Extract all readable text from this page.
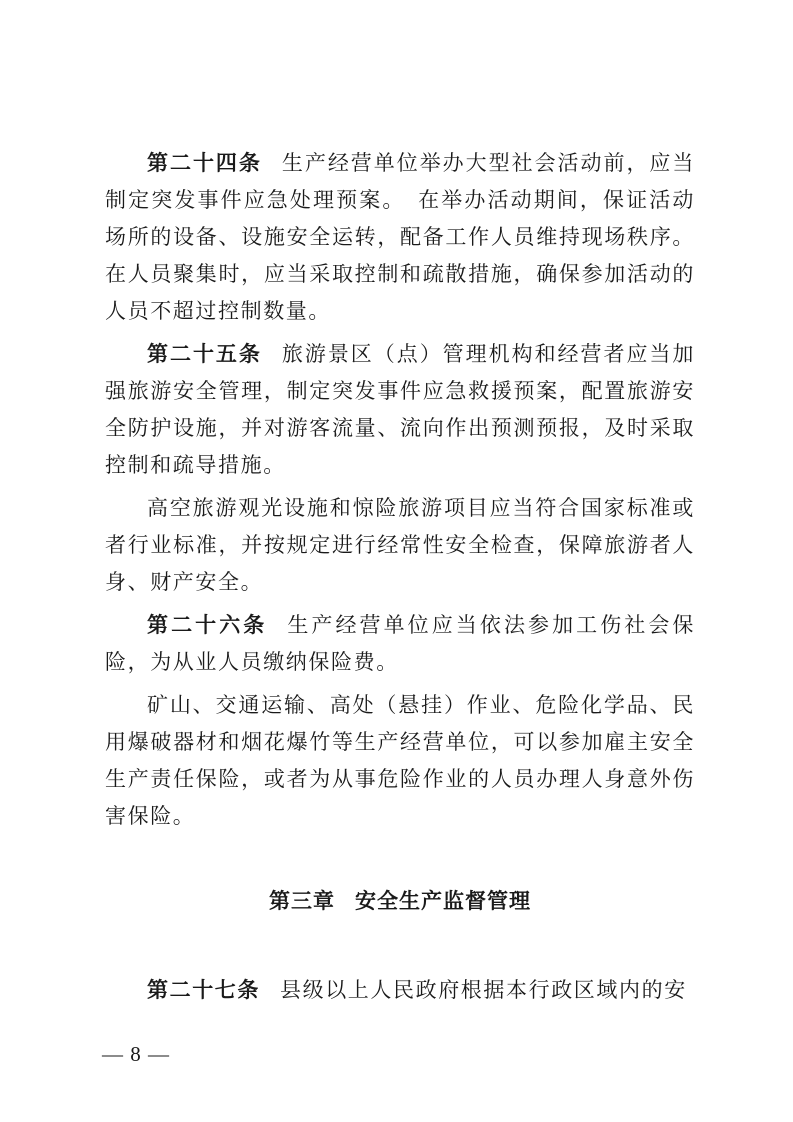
第二十四条 生产经营单位举办大型社会活动前，应当制定突发事件应急处理预案。　在举办活动期间，保证活动场所的设备、设施安全运转，配备工作人员维持现场秩序。在人员聚集时，应当采取控制和疏散措施，确保参加活动的人员不超过控制数量。

第二十五条 旅游景区（点）管理机构和经营者应当加强旅游安全管理，制定突发事件应急救援预案，配置旅游安全防护设施，并对游客流量、流向作出预测预报，及时采取控制和疏导措施。

高空旅游观光设施和惊险旅游项目应当符合国家标准或者行业标准，并按规定进行经常性安全检查，保障旅游者人身、财产安全。

第二十六条 生产经营单位应当依法参加工伤社会保险，为从业人员缴纳保险费。

矿山、交通运输、高处（悬挂）作业、危险化学品、民用爆破器材和烟花爆竹等生产经营单位，可以参加雇主安全生产责任保险，或者为从事危险作业的人员办理人身意外伤害保险。

第三章 安全生产监督管理

第二十七条 县级以上人民政府根据本行政区域内的安

— 8 —
